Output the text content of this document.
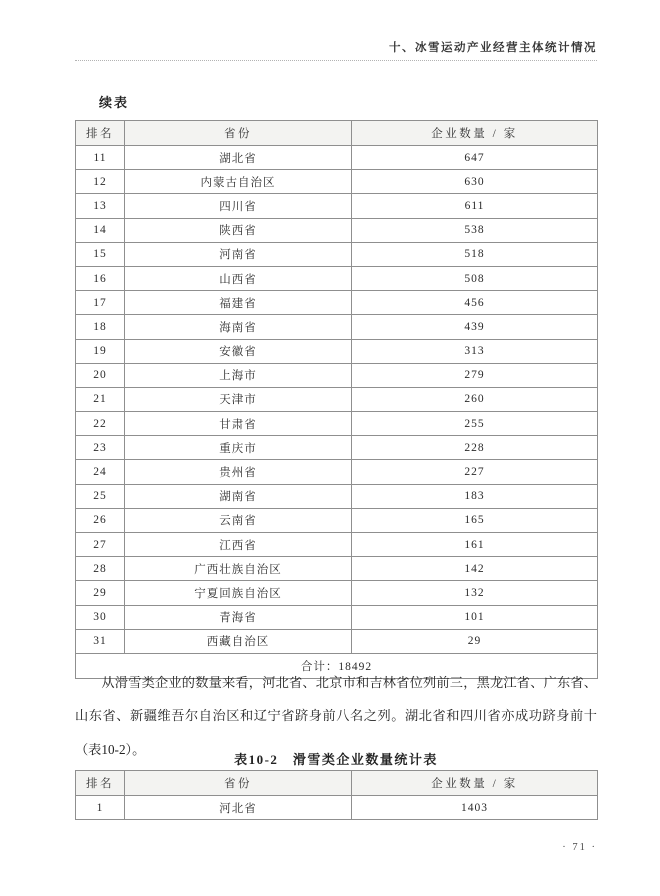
十、冰雪运动产业经营主体统计情况
续表
排名	省份	企业数量 / 家
11	湖北省	647
12	内蒙古自治区	630
13	四川省	611
14	陕西省	538
15	河南省	518
16	山西省	508
17	福建省	456
18	海南省	439
19	安徽省	313
20	上海市	279
21	天津市	260
22	甘肃省	255
23	重庆市	228
24	贵州省	227
25	湖南省	183
26	云南省	165
27	江西省	161
28	广西壮族自治区	142
29	宁夏回族自治区	132
30	青海省	101
31	西藏自治区	29
合计：18492		
从滑雪类企业的数量来看，河北省、北京市和吉林省位列前三，黑龙江省、广东省、
山东省、新疆维吾尔自治区和辽宁省跻身前八名之列。湖北省和四川省亦成功跻身前十
（表10-2）。
表10-2　滑雪类企业数量统计表
排名	省份	企业数量 / 家
1	河北省	1403
· 71 ·
